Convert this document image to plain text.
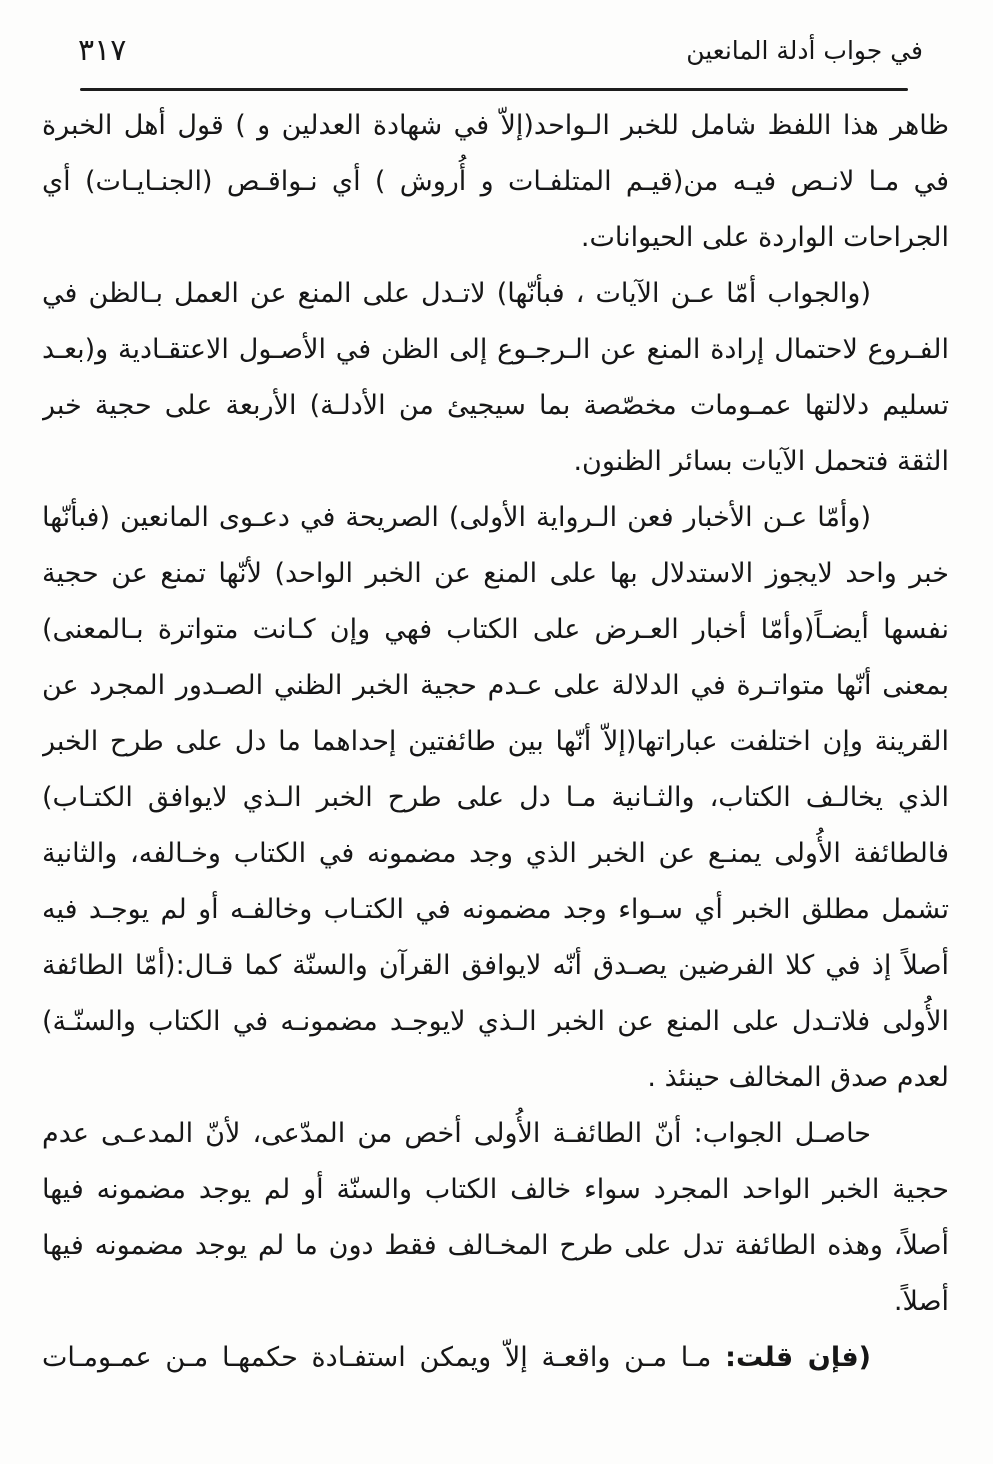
في جواب أدلة المانعين
٣١٧
ظاهر هذا اللفظ شامل للخبر الـواحد(إلاّ في شهادة العدلين و ) قول أهل الخبرة
في مـا لانـص فيـه من(قيـم المتلفـات و أُروش ) أي نـواقـص (الجنـايـات) أي
الجراحات الواردة على الحيوانات.
(والجواب أمّا عـن الآيات ، فبأنّها) لاتـدل على المنع عن العمل بـالظن في
الفـروع لاحتمال إرادة المنع عن الـرجـوع إلى الظن في الأصـول الاعتقـادية و(بعـد
تسليم دلالتها عمـومات مخصّصة بما سيجيئ من الأدلـة) الأربعة على حجية خبر
الثقة فتحمل الآيات بسائر الظنون.
(وأمّا عـن الأخبار فعن الـرواية الأولى) الصريحة في دعـوى المانعين (فبأنّها
خبر واحد لايجوز الاستدلال بها على المنع عن الخبر الواحد) لأنّها تمنع عن حجية
نفسها أيضـاً(وأمّا أخبار العـرض على الكتاب فهي وإن كـانت متواترة بـالمعنى)
بمعنى أنّها متواتـرة في الدلالة على عـدم حجية الخبر الظني الصـدور المجرد عن
القرينة وإن اختلفت عباراتها(إلاّ أنّها بين طائفتين إحداهما ما دل على طرح الخبر
الذي يخالـف الكتاب، والثـانية مـا دل على طرح الخبر الـذي لايوافق الكتـاب)
فالطائفة الأُولى يمنـع عن الخبر الذي وجد مضمونه في الكتاب وخـالفه، والثانية
تشمل مطلق الخبر أي سـواء وجد مضمونه في الكتـاب وخالفـه أو لم يوجـد فيه
أصلاً إذ في كلا الفرضين يصـدق أنّه لايوافق القرآن والسنّة كما قـال:(أمّا الطائفة
الأُولى فلاتـدل على المنع عن الخبر الـذي لايوجـد مضمونـه في الكتاب والسنّـة)
لعدم صدق المخالف حينئذ .
حاصـل الجواب: أنّ الطائفـة الأُولى أخص من المدّعى، لأنّ المدعـى عدم
حجية الخبر الواحد المجرد سواء خالف الكتاب والسنّة أو لم يوجد مضمونه فيها
أصلاً، وهذه الطائفة تدل على طرح المخـالف فقط دون ما لم يوجد مضمونه فيها
أصلاً.
(فإن قلت: مـا مـن واقعـة إلاّ ويمكن استفـادة حكمهـا مـن عمـومـات
